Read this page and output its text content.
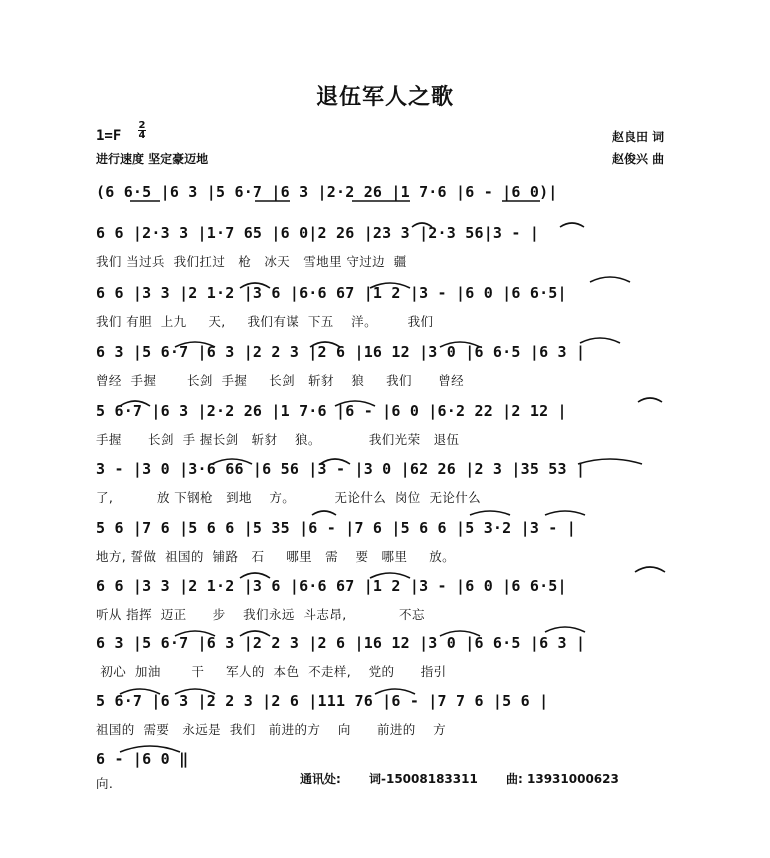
退伍军人之歌
1=F
2
4
进行速度 坚定豪迈地
赵良田 词
赵俊兴 曲
(6 6·5 |6 3 |5 6·7 |6 3 |2·2 26 |1 7·6 |6 - |6 0)|
6 6 |2·3 3 |1·7 65 |6 0|2 26 |23 3 |2·3 56|3 - |
我们 当过兵  我们扛过   枪   冰天   雪地里 守过边  疆
6 6 |3 3 |2 1·2 |3 6 |6·6 67 |1 2 |3 - |6 0 |6 6·5|
我们 有胆  上九     天,     我们有谋  下五    洋。       我们
6 3 |5 6·7 |6 3 |2 2 3 |2 6 |16 12 |3 0 |6 6·5 |6 3 |
曾经  手握       长剑  手握     长剑   斩豺    狼     我们      曾经
5 6·7 |6 3 |2·2 26 |1 7·6 |6 - |6 0 |6·2 22 |2 12 |
手握      长剑  手 握长剑   斩豺    狼。           我们光荣   退伍
3 - |3 0 |3·6 66 |6 56 |3 - |3 0 |62 26 |2 3 |35 53 |
了,          放 下钢枪   到地    方。         无论什么  岗位  无论什么
5 6 |7 6 |5 6 6 |5 35 |6 - |7 6 |5 6 6 |5 3·2 |3 - |
地方, 誓做  祖国的  铺路   石     哪里   需    要   哪里     放。
6 6 |3 3 |2 1·2 |3 6 |6·6 67 |1 2 |3 - |6 0 |6 6·5|
听从 指挥  迈正      步    我们永远  斗志昂,            不忘
6 3 |5 6·7 |6 3 |2 2 3 |2 6 |16 12 |3 0 |6 6·5 |6 3 |
初心  加油       干     军人的  本色  不走样,    党的      指引
5 6·7 |6 3 |2 2 3 |2 6 |111 76 |6 - |7 7 6 |5 6 |
祖国的  需要   永远是  我们   前进的方    向      前进的    方
6 - |6 0 ‖
向.	通讯处: 词-15008183311 曲: 13931000623
